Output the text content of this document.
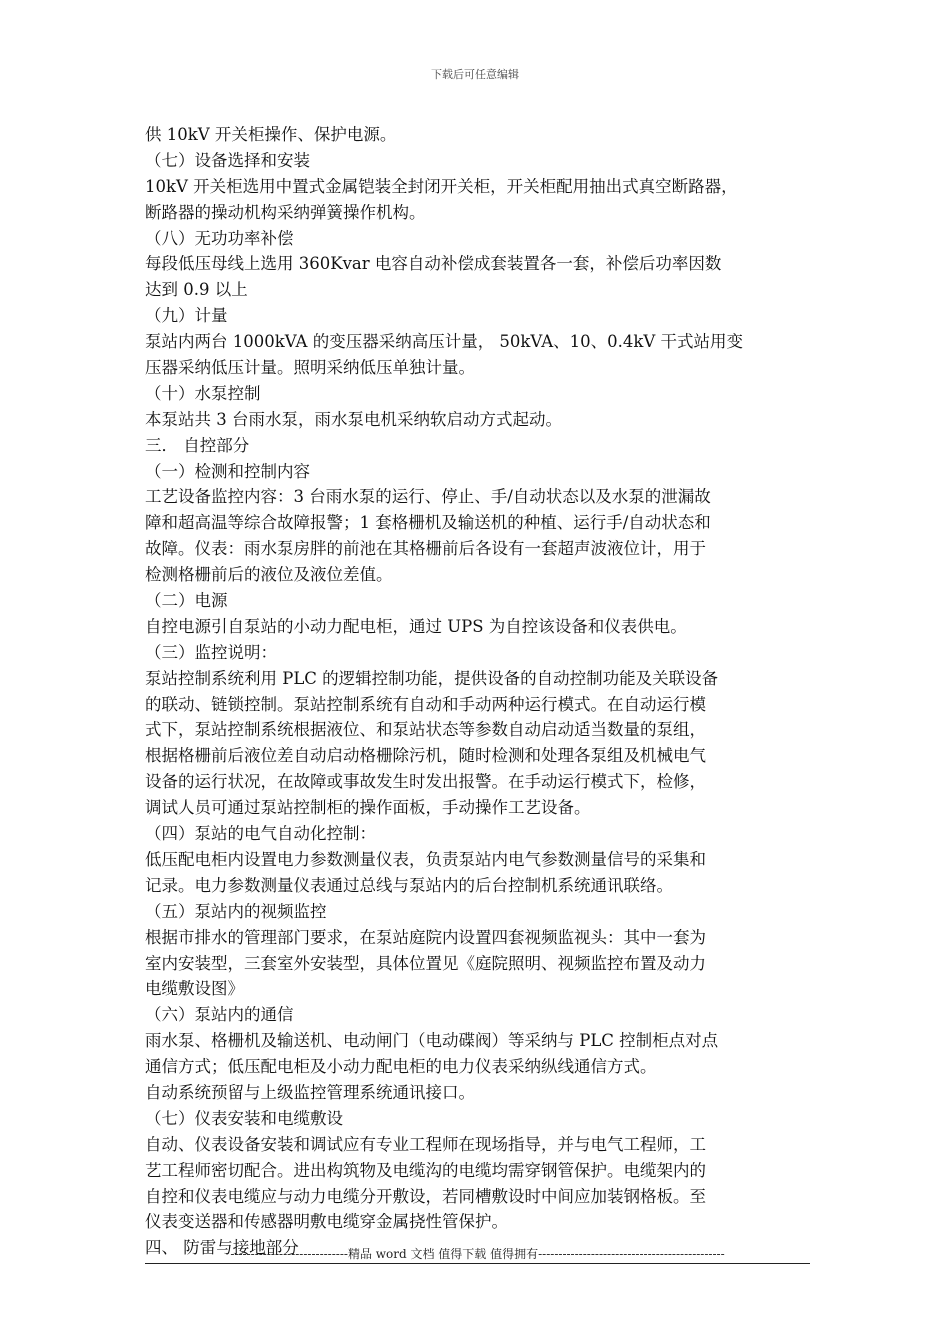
下载后可任意编辑
供 10kV 开关柜操作、保护电源。
（七）设备选择和安装
10kV 开关柜选用中置式金属铠装全封闭开关柜，开关柜配用抽出式真空断路器，
断路器的操动机构采纳弹簧操作机构。
（八）无功功率补偿
每段低压母线上选用 360Kvar 电容自动补偿成套装置各一套，补偿后功率因数
达到 0.9 以上
（九）计量
泵站内两台 1000kVA 的变压器采纳高压计量， 50kVA、10、0.4kV 干式站用变
压器采纳低压计量。照明采纳低压单独计量。
（十）水泵控制
本泵站共 3 台雨水泵，雨水泵电机采纳软启动方式起动。
三． 自控部分
（一）检测和控制内容
工艺设备监控内容：3 台雨水泵的运行、停止、手/自动状态以及水泵的泄漏故
障和超高温等综合故障报警；1 套格栅机及输送机的种植、运行手/自动状态和
故障。仪表：雨水泵房胖的前池在其格栅前后各设有一套超声波液位计，用于
检测格栅前后的液位及液位差值。
（二）电源
自控电源引自泵站的小动力配电柜，通过 UPS 为自控该设备和仪表供电。
（三）监控说明：
泵站控制系统利用 PLC 的逻辑控制功能，提供设备的自动控制功能及关联设备
的联动、链锁控制。泵站控制系统有自动和手动两种运行模式。在自动运行模
式下，泵站控制系统根据液位、和泵站状态等参数自动启动适当数量的泵组，
根据格栅前后液位差自动启动格栅除污机，随时检测和处理各泵组及机械电气
设备的运行状况，在故障或事故发生时发出报警。在手动运行模式下，检修，
调试人员可通过泵站控制柜的操作面板，手动操作工艺设备。
（四）泵站的电气自动化控制：
低压配电柜内设置电力参数测量仪表，负责泵站内电气参数测量信号的采集和
记录。电力参数测量仪表通过总线与泵站内的后台控制机系统通讯联络。
（五）泵站内的视频监控
根据市排水的管理部门要求，在泵站庭院内设置四套视频监视头：其中一套为
室内安装型，三套室外安装型，具体位置见《庭院照明、视频监控布置及动力
电缆敷设图》
（六）泵站内的通信
雨水泵、格栅机及输送机、电动闸门（电动碟阀）等采纳与 PLC 控制柜点对点
通信方式；低压配电柜及小动力配电柜的电力仪表采纳纵线通信方式。
自动系统预留与上级监控管理系统通讯接口。
（七）仪表安装和电缆敷设
自动、仪表设备安装和调试应有专业工程师在现场指导，并与电气工程师，工
艺工程师密切配合。进出构筑物及电缆沟的电缆均需穿钢管保护。电缆架内的
自控和仪表电缆应与动力电缆分开敷设，若同槽敷设时中间应加装钢格板。至
仪表变送器和传感器明敷电缆穿金属挠性管保护。
四、 防雷与接地部分
-----------------------------精品 word 文档 值得下载 值得拥有----------------------------------------------
